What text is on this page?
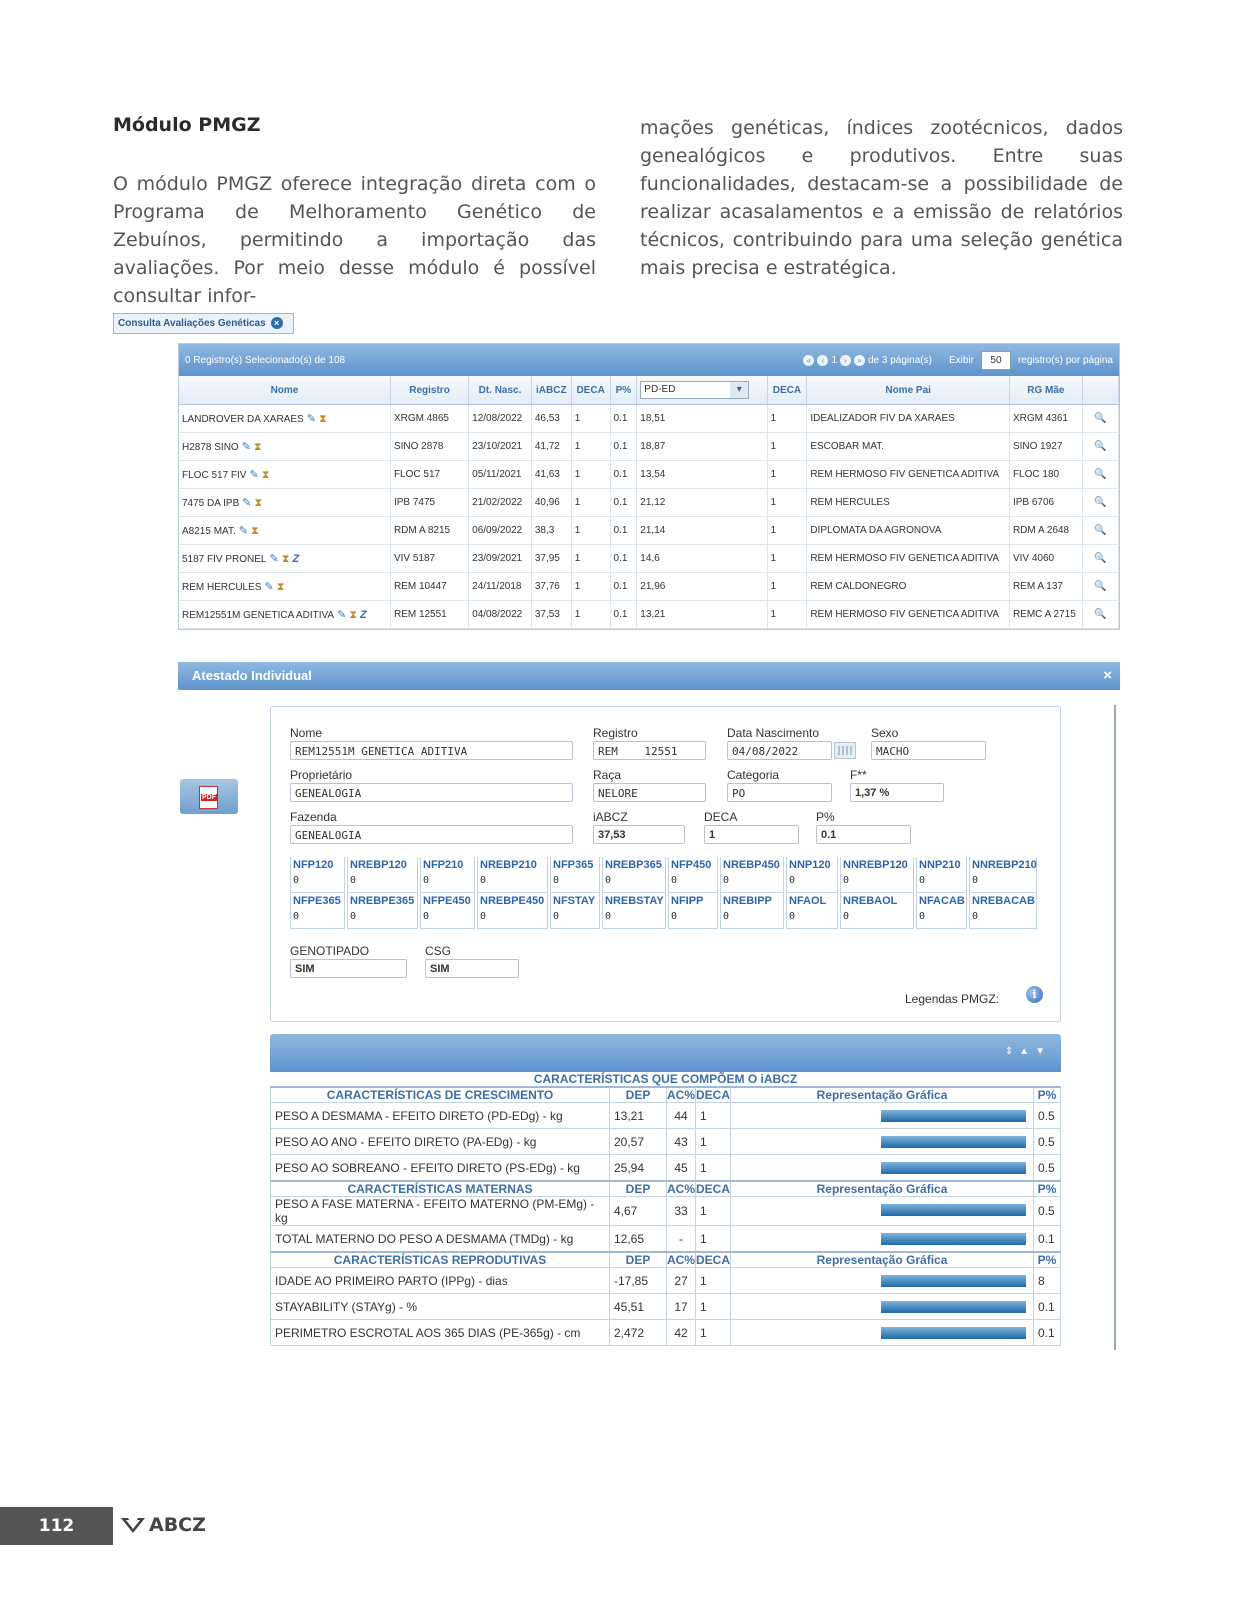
Módulo PMGZ
O módulo PMGZ oferece integração direta com o Programa de Melhoramento Genético de Zebuínos, permitindo a importação das avaliações. Por meio desse módulo é possível consultar infor-
mações genéticas, índices zootécnicos, dados genealógicos e produtivos. Entre suas funcionalidades, destacam-se a possibilidade de realizar acasalamentos e a emissão de relatórios técnicos, contribuindo para uma seleção genética mais precisa e estratégica.
Consulta Avaliações Genéticas ×
0 Registro(s) Selecionado(s) de 108	«	‹ 1 ›	» de 3 página(s) Exibir	50	registro(s) por página
Nome	Registro	Dt. Nasc.	iABCZ	DECA	P%	PD-ED ▾	DECA	Nome Pai	RG Mãe	
LANDROVER DA XARAES ✎ ⧗	XRGM 4865	12/08/2022	46,53	1	0.1	18,51	1	IDEALIZADOR FIV DA XARAES	XRGM 4361	🔍
H2878 SINO ✎ ⧗	SINO 2878	23/10/2021	41,72	1	0.1	18,87	1	ESCOBAR MAT.	SINO 1927	🔍
FLOC 517 FIV ✎ ⧗	FLOC 517	05/11/2021	41,63	1	0.1	13,54	1	REM HERMOSO FIV GENETICA ADITIVA	FLOC 180	🔍
7475 DA IPB ✎ ⧗	IPB 7475	21/02/2022	40,96	1	0.1	21,12	1	REM HERCULES	IPB 6706	🔍
A8215 MAT. ✎ ⧗	RDM A 8215	06/09/2022	38,3	1	0.1	21,14	1	DIPLOMATA DA AGRONOVA	RDM A 2648	🔍
5187 FIV PRONEL ✎ ⧗ Z	VIV 5187	23/09/2021	37,95	1	0.1	14,6	1	REM HERMOSO FIV GENETICA ADITIVA	VIV 4060	🔍
REM HERCULES ✎ ⧗	REM 10447	24/11/2018	37,76	1	0.1	21,96	1	REM CALDONEGRO	REM A 137	🔍
REM12551M GENETICA ADITIVA ✎ ⧗ Z	REM 12551	04/08/2022	37,53	1	0.1	13,21	1	REM HERMOSO FIV GENETICA ADITIVA	REMC A 2715	🔍
Atestado Individual	×
PDF
Nome
REM12551M GENETICA ADITIVA
Registro
REM    12551
Data Nascimento
04/08/2022
Sexo
MACHO
Proprietário
GENEALOGIA
Raça
NELORE
Categoria
PO
F**
1,37 %
Fazenda
GENEALOGIA
iABCZ
37,53
DECA
1
P%
0.1
NFP120
0
NREBP120
0
NFP210
0
NREBP210
0
NFP365
0
NREBP365
0
NFP450
0
NREBP450
0
NNP120
0
NNREBP120
0
NNP210
0
NNREBP210
0
NFPE365
0
NREBPE365
0
NFPE450
0
NREBPE450
0
NFSTAY
0
NREBSTAY
0
NFIPP
0
NREBIPP
0
NFAOL
0
NREBAOL
0
NFACAB
0
NREBACAB
0
GENOTIPADO
SIM
CSG
SIM
Legendas PMGZ:	i
⇕▲▼
CARACTERÍSTICAS QUE COMPÕEM O iABCZ					
CARACTERÍSTICAS DE CRESCIMENTO	DEP	AC%	DECA	Representação Gráfica	P%
PESO A DESMAMA - EFEITO DIRETO (PD-EDg) - kg	13,21	44	1		0.5
PESO AO ANO - EFEITO DIRETO (PA-EDg) - kg	20,57	43	1		0.5
PESO AO SOBREANO - EFEITO DIRETO (PS-EDg) - kg	25,94	45	1		0.5
CARACTERÍSTICAS MATERNAS	DEP	AC%	DECA	Representação Gráfica	P%
PESO A FASE MATERNA - EFEITO MATERNO (PM-EMg) - kg	4,67	33	1		0.5
TOTAL MATERNO DO PESO A DESMAMA (TMDg) - kg	12,65	-	1		0.1
CARACTERÍSTICAS REPRODUTIVAS	DEP	AC%	DECA	Representação Gráfica	P%
IDADE AO PRIMEIRO PARTO (IPPg) - dias	-17,85	27	1		8
STAYABILITY (STAYg) - %	45,51	17	1		0.1
PERIMETRO ESCROTAL AOS 365 DIAS (PE-365g) - cm	2,472	42	1		0.1
112	ABCZ
